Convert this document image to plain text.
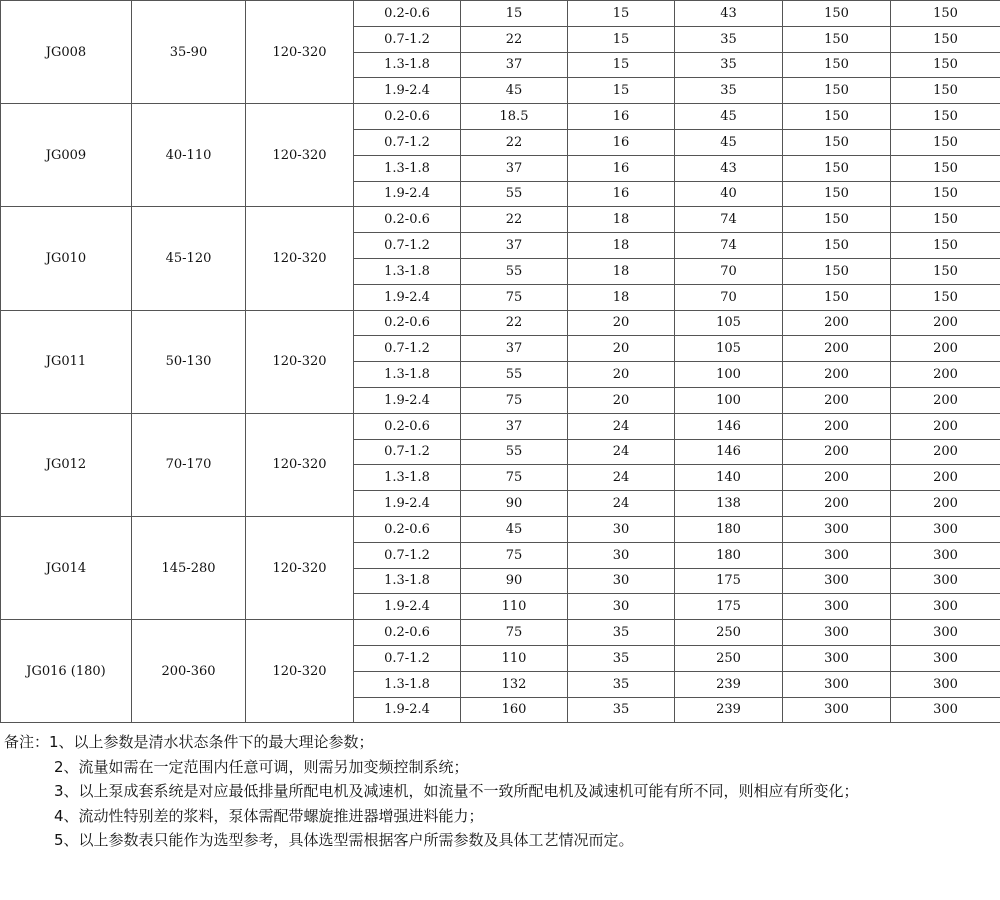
JG008	35-90	120-320	0.2-0.6	15	15	43	150	150
			0.7-1.2	22	15	35	150	150
			1.3-1.8	37	15	35	150	150
			1.9-2.4	45	15	35	150	150
JG009	40-110	120-320	0.2-0.6	18.5	16	45	150	150
			0.7-1.2	22	16	45	150	150
			1.3-1.8	37	16	43	150	150
			1.9-2.4	55	16	40	150	150
JG010	45-120	120-320	0.2-0.6	22	18	74	150	150
			0.7-1.2	37	18	74	150	150
			1.3-1.8	55	18	70	150	150
			1.9-2.4	75	18	70	150	150
JG011	50-130	120-320	0.2-0.6	22	20	105	200	200
			0.7-1.2	37	20	105	200	200
			1.3-1.8	55	20	100	200	200
			1.9-2.4	75	20	100	200	200
JG012	70-170	120-320	0.2-0.6	37	24	146	200	200
			0.7-1.2	55	24	146	200	200
			1.3-1.8	75	24	140	200	200
			1.9-2.4	90	24	138	200	200
JG014	145-280	120-320	0.2-0.6	45	30	180	300	300
			0.7-1.2	75	30	180	300	300
			1.3-1.8	90	30	175	300	300
			1.9-2.4	110	30	175	300	300
JG016 (180)	200-360	120-320	0.2-0.6	75	35	250	300	300
			0.7-1.2	110	35	250	300	300
			1.3-1.8	132	35	239	300	300
			1.9-2.4	160	35	239	300	300
备注：1、以上参数是清水状态条件下的最大理论参数；
2、流量如需在一定范围内任意可调，则需另加变频控制系统；
3、以上泵成套系统是对应最低排量所配电机及减速机，如流量不一致所配电机及减速机可能有所不同，则相应有所变化；
4、流动性特别差的浆料，泵体需配带螺旋推进器增强进料能力；
5、以上参数表只能作为选型参考，具体选型需根据客户所需参数及具体工艺情况而定。
